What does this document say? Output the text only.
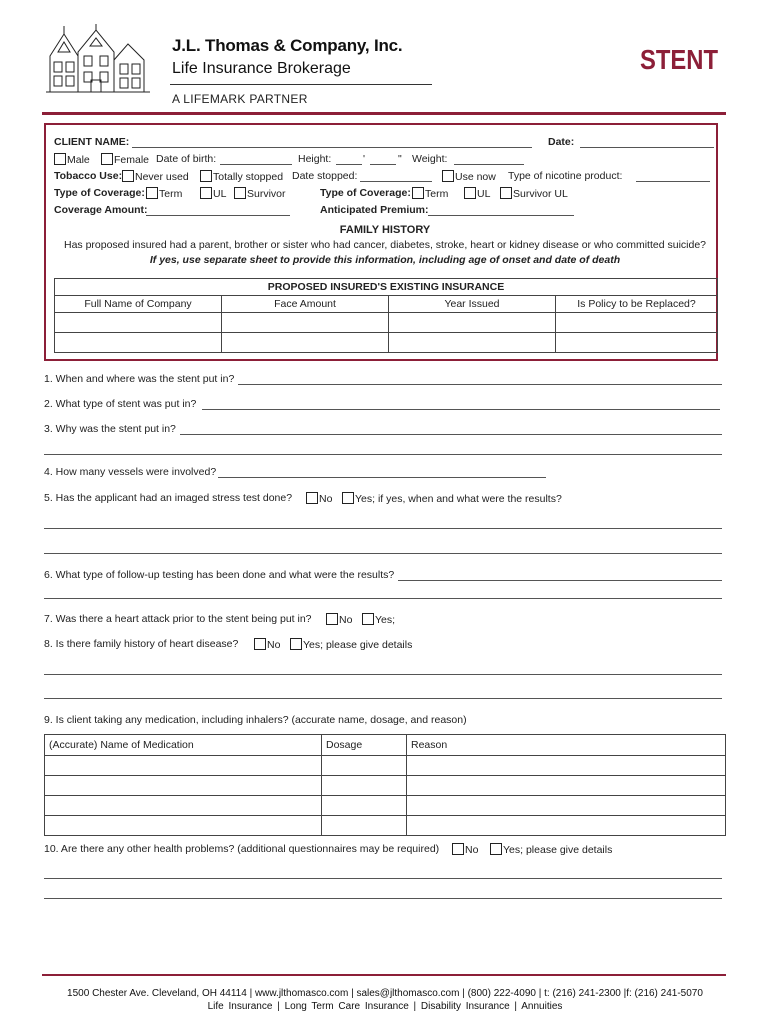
J.L. Thomas & Company, Inc.
Life Insurance Brokerage
A LIFEMARK PARTNER
STENT
CLIENT NAME:	Date:
Male	Female Date of birth:	Height:	'	" Weight:
Tobacco Use:	Never used	Totally stopped Date stopped:	Use now Type of nicotine product:
Type of Coverage:	Term	UL	Survivor	Type of Coverage:	Term	UL	Survivor UL
Coverage Amount:	Anticipated Premium:
FAMILY HISTORY
Has proposed insured had a parent, brother or sister who had cancer, diabetes, stroke, heart or kidney disease or who committed suicide?
If yes, use separate sheet to provide this information, including age of onset and date of death
PROPOSED INSURED'S EXISTING INSURANCE			
Full Name of Company	Face Amount	Year Issued	Is Policy to be Replaced?

1. When and where was the stent put in?
2. What type of stent was put in?
3. Why was the stent put in?
4. How many vessels were involved?
5. Has the applicant had an imaged stress test done?	No	Yes; if yes, when and what were the results?
6. What type of follow-up testing has been done and what were the results?
7. Was there a heart attack prior to the stent being put in?	No	Yes;
8. Is there family history of heart disease?	No	Yes; please give details
9. Is client taking any medication, including inhalers? (accurate name, dosage, and reason)
(Accurate) Name of Medication	Dosage	Reason

10. Are there any other health problems? (additional questionnaires may be required)	No	Yes; please give details
1500 Chester Ave. Cleveland, OH 44114 | www.jlthomasco.com | sales@jlthomasco.com | (800) 222-4090 | t: (216) 241-2300 |f: (216) 241-5070
Life Insurance | Long Term Care Insurance | Disability Insurance | Annuities
